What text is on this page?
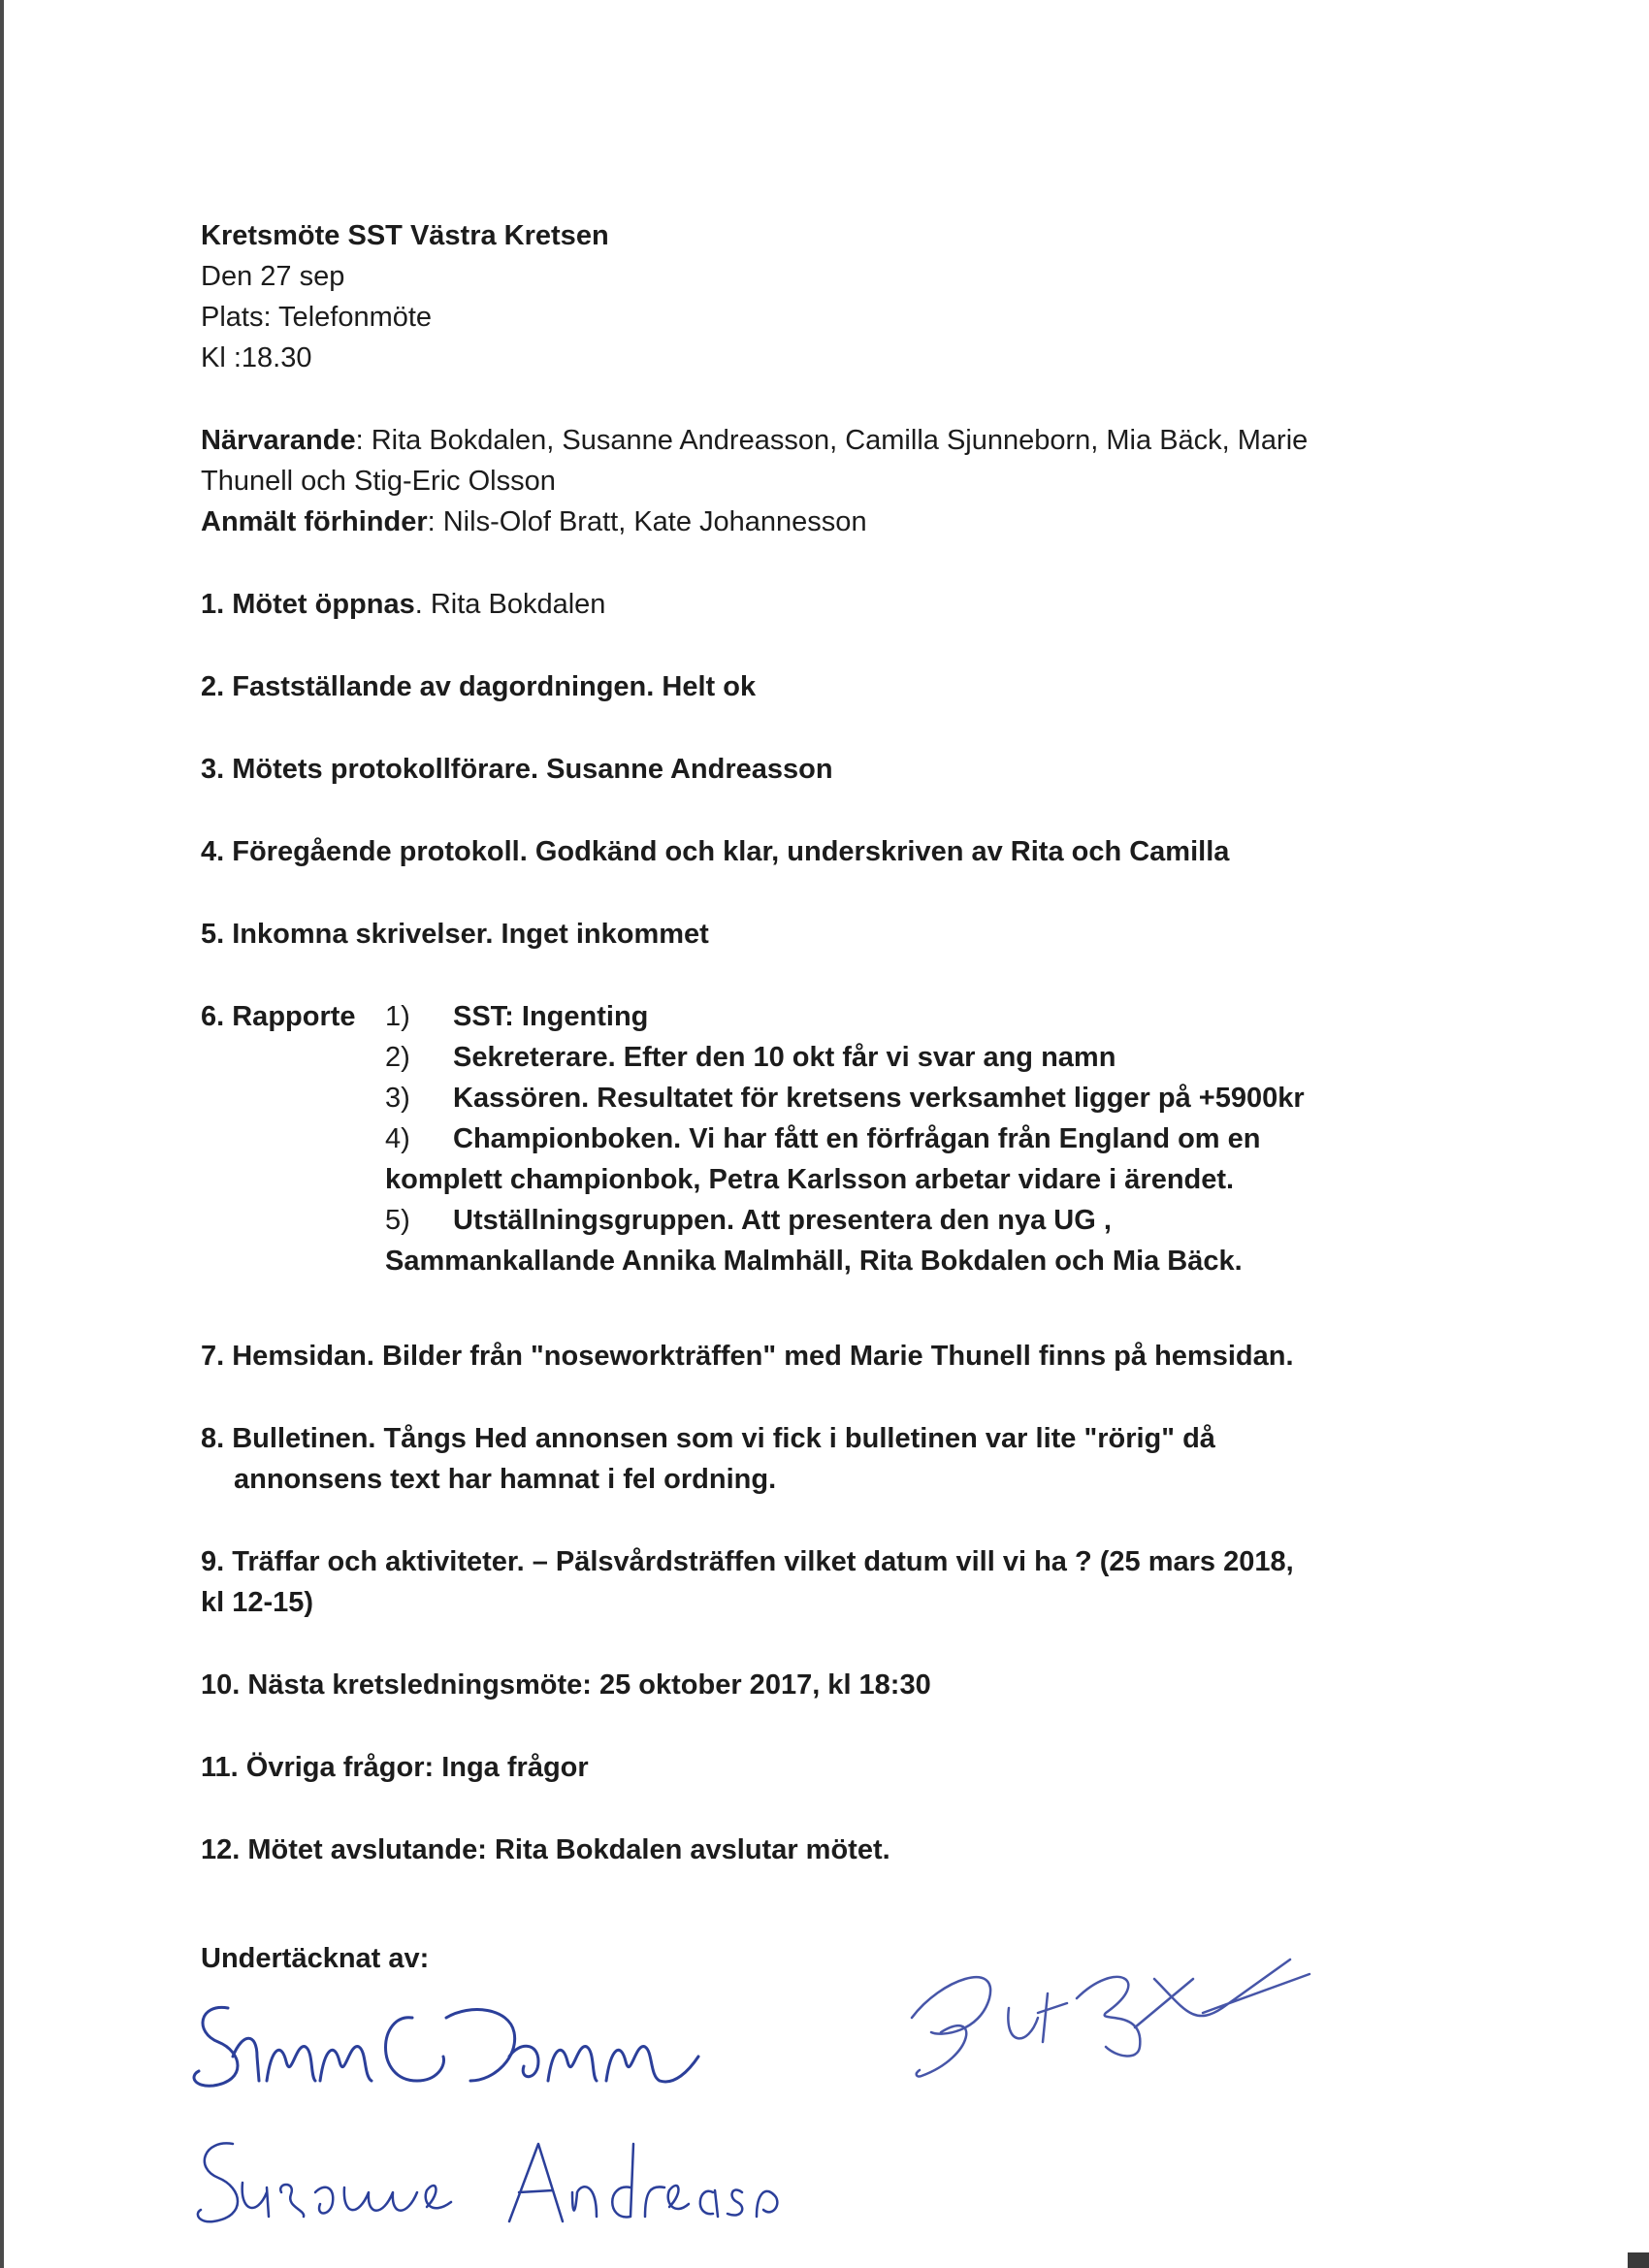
Kretsmöte SST Västra Kretsen
Den 27 sep
Plats: Telefonmöte
Kl :18.30
Närvarande: Rita Bokdalen, Susanne Andreasson, Camilla Sjunneborn, Mia Bäck, Marie
Thunell och Stig-Eric Olsson
Anmält förhinder: Nils-Olof Bratt, Kate Johannesson
1. Mötet öppnas. Rita Bokdalen
2. Fastställande av dagordningen. Helt ok
3. Mötets protokollförare. Susanne Andreasson
4. Föregående protokoll. Godkänd och klar, underskriven av Rita och Camilla
5. Inkomna skrivelser. Inget inkommet
6. Rapporte	1) SST: Ingenting
2) Sekreterare. Efter den 10 okt får vi svar ang namn
3) Kassören. Resultatet för kretsens verksamhet ligger på +5900kr
4) Championboken. Vi har fått en förfrågan från England om en
komplett championbok, Petra Karlsson arbetar vidare i ärendet.
5) Utställningsgruppen. Att presentera den nya UG ,
Sammankallande Annika Malmhäll, Rita Bokdalen och Mia Bäck.
7. Hemsidan. Bilder från "noseworkträffen" med Marie Thunell finns på hemsidan.
8. Bulletinen. Tångs Hed annonsen som vi fick i bulletinen var lite "rörig" då
annonsens text har hamnat i fel ordning.
9. Träffar och aktiviteter. – Pälsvårdsträffen vilket datum vill vi ha ? (25 mars 2018,
kl 12-15)
10. Nästa kretsledningsmöte: 25 oktober 2017, kl 18:30
11. Övriga frågor: Inga frågor
12. Mötet avslutande: Rita Bokdalen avslutar mötet.
Undertäcknat av:
